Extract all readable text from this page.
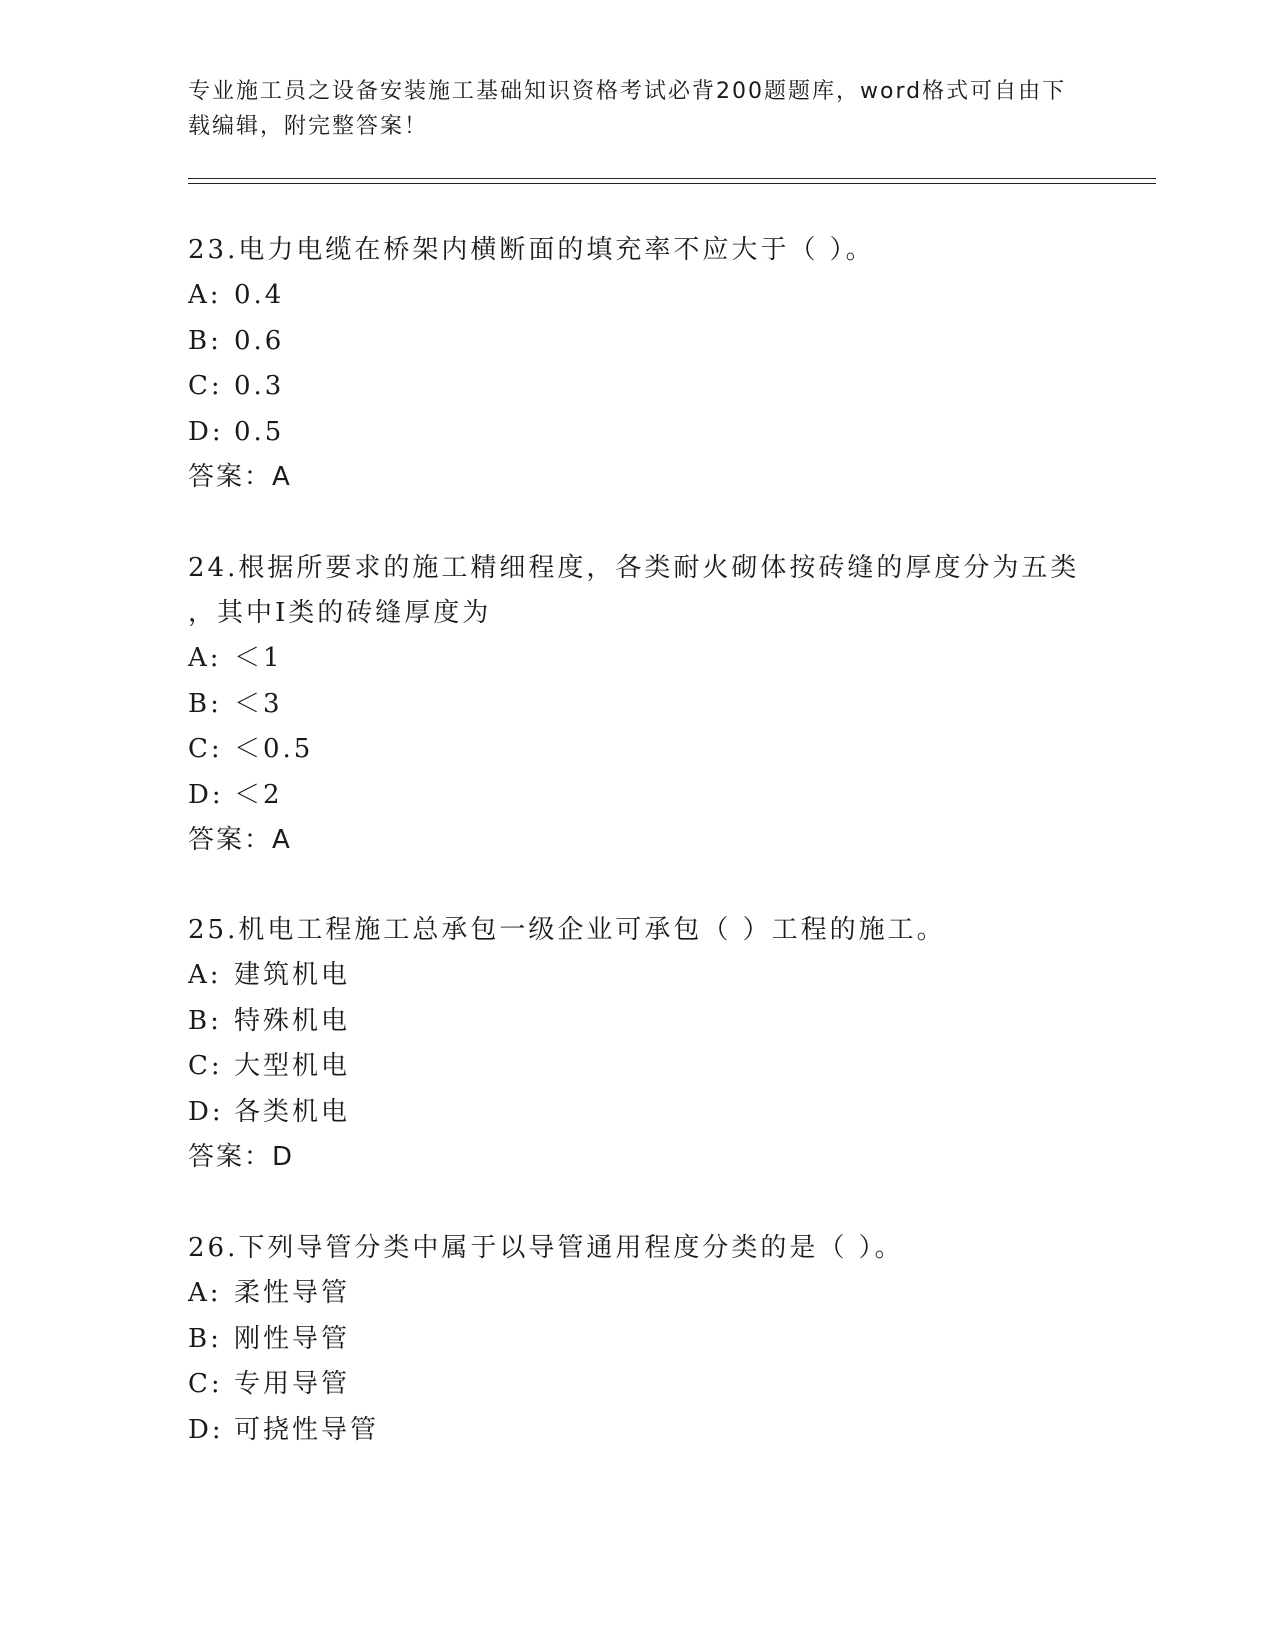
专业施工员之设备安装施工基础知识资格考试必背200题题库，word格式可自由下载编辑，附完整答案！

23.电力电缆在桥架内横断面的填充率不应大于（ ）。

A: 0.4

B: 0.6

C: 0.3

D: 0.5

答案：A

24.根据所要求的施工精细程度，各类耐火砌体按砖缝的厚度分为五类
，其中Ⅰ类的砖缝厚度为

A: ＜1

B: ＜3

C: ＜0.5

D: ＜2

答案：A

25.机电工程施工总承包一级企业可承包（ ）工程的施工。

A: 建筑机电

B: 特殊机电

C: 大型机电

D: 各类机电

答案：D

26.下列导管分类中属于以导管通用程度分类的是（ ）。

A: 柔性导管

B: 刚性导管

C: 专用导管

D: 可挠性导管
